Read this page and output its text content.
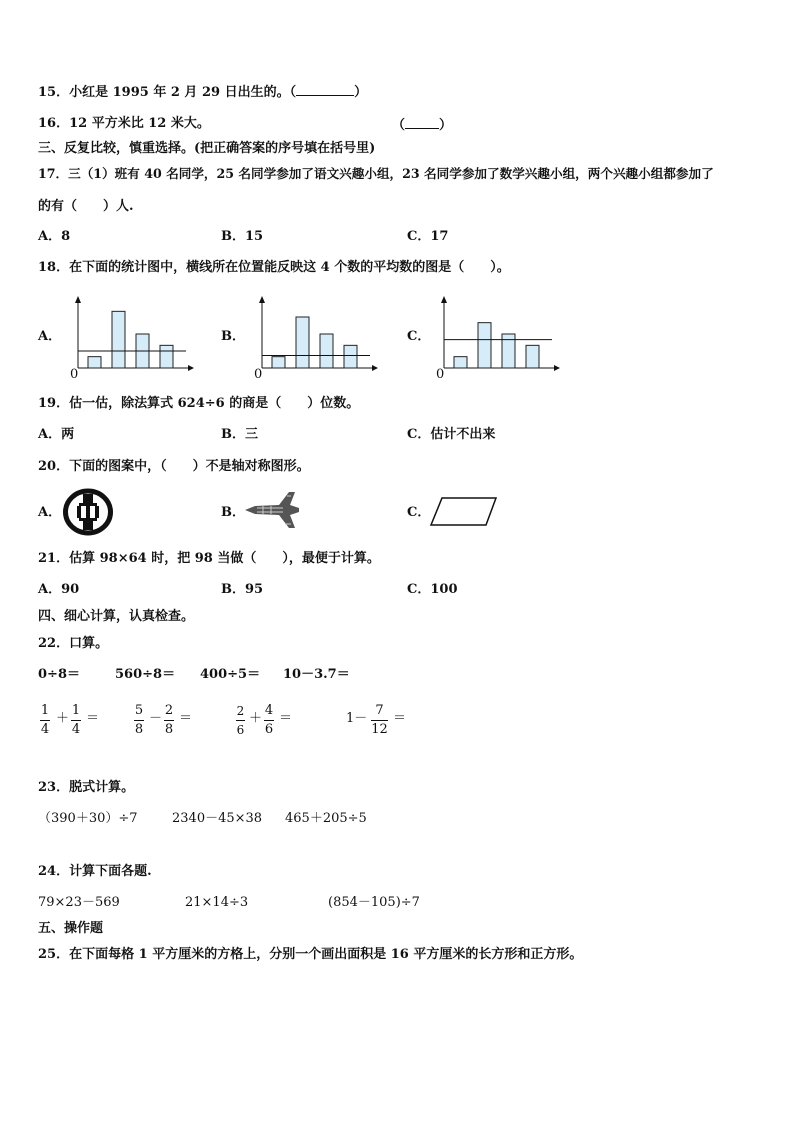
15．小红是 1995 年 2 月 29 日出生的。（	）
16．12 平方米比 12 米大。	（	）
三、反复比较，慎重选择。(把正确答案的序号填在括号里)
17．三（1）班有 40 名同学，25 名同学参加了语文兴趣小组，23 名同学参加了数学兴趣小组，两个兴趣小组都参加了
的有（　　）人.
A．8	B．15	C．17
18．在下面的统计图中，横线所在位置能反映这 4 个数的平均数的图是（　　）。
A．	B．	C．
0	0	0
19．估一估，除法算式 624÷6 的商是（　　）位数。
A．两	B．三	C．估计不出来
20．下面的图案中，（　　）不是轴对称图形。
A．	B．	C．
21．估算 98×64 时，把 98 当做（　　），最便于计算。
A．90	B．95	C．100
四、细心计算，认真检查。
22．口算。
0÷8＝	560÷8＝ 400÷5＝ 10－3.7＝
1
4
＋
1
4
＝
5
8
－
2
8
＝	2
6
＋
4
6
＝	1－
7
12
＝
23．脱式计算。
（390＋30）÷7	2340－45×38 465＋205÷5
24．计算下面各题.
79×23－569	21×14÷3	(854－105)÷7
五、操作题
25．在下面每格 1 平方厘米的方格上，分别一个画出面积是 16 平方厘米的长方形和正方形。
